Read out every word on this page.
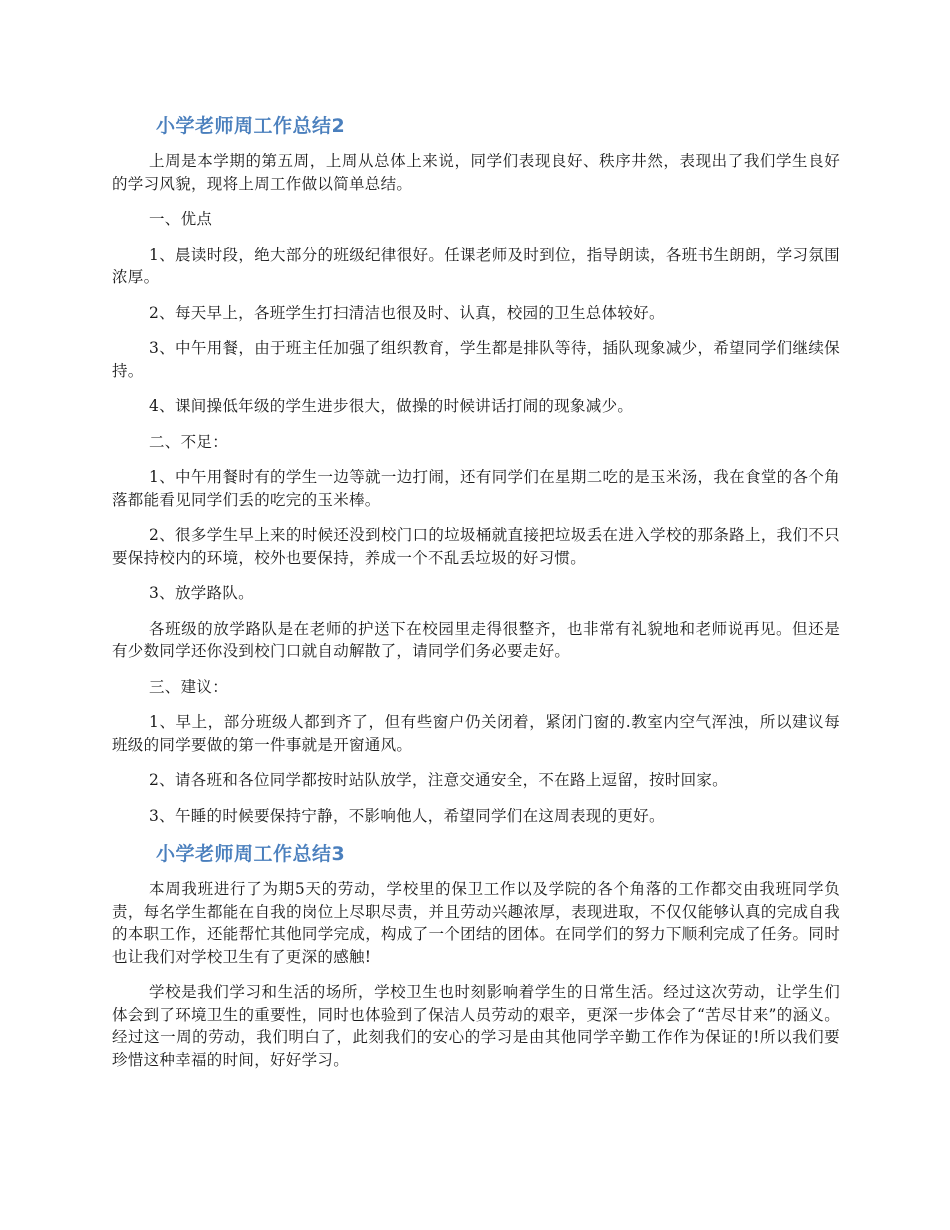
小学老师周工作总结2

上周是本学期的第五周，上周从总体上来说，同学们表现良好、秩序井然，表现出了我们学生良好的学习风貌，现将上周工作做以简单总结。

一、优点

1、晨读时段，绝大部分的班级纪律很好。任课老师及时到位，指导朗读，各班书生朗朗，学习氛围浓厚。

2、每天早上，各班学生打扫清洁也很及时、认真，校园的卫生总体较好。

3、中午用餐，由于班主任加强了组织教育，学生都是排队等待，插队现象减少，希望同学们继续保持。

4、课间操低年级的学生进步很大，做操的时候讲话打闹的现象减少。

二、不足：

1、中午用餐时有的学生一边等就一边打闹，还有同学们在星期二吃的是玉米汤，我在食堂的各个角落都能看见同学们丢的吃完的玉米棒。

2、很多学生早上来的时候还没到校门口的垃圾桶就直接把垃圾丢在进入学校的那条路上，我们不只要保持校内的环境，校外也要保持，养成一个不乱丢垃圾的好习惯。

3、放学路队。

各班级的放学路队是在老师的护送下在校园里走得很整齐，也非常有礼貌地和老师说再见。但还是有少数同学还你没到校门口就自动解散了，请同学们务必要走好。

三、建议：

1、早上，部分班级人都到齐了，但有些窗户仍关闭着，紧闭门窗的.教室内空气浑浊，所以建议每班级的同学要做的第一件事就是开窗通风。

2、请各班和各位同学都按时站队放学，注意交通安全，不在路上逗留，按时回家。

3、午睡的时候要保持宁静，不影响他人，希望同学们在这周表现的更好。

小学老师周工作总结3

本周我班进行了为期5天的劳动，学校里的保卫工作以及学院的各个角落的工作都交由我班同学负责，每名学生都能在自我的岗位上尽职尽责，并且劳动兴趣浓厚，表现进取，不仅仅能够认真的完成自我的本职工作，还能帮忙其他同学完成，构成了一个团结的团体。在同学们的努力下顺利完成了任务。同时也让我们对学校卫生有了更深的感触!

学校是我们学习和生活的场所，学校卫生也时刻影响着学生的日常生活。经过这次劳动，让学生们体会到了环境卫生的重要性，同时也体验到了保洁人员劳动的艰辛，更深一步体会了“苦尽甘来”的涵义。经过这一周的劳动，我们明白了，此刻我们的安心的学习是由其他同学辛勤工作作为保证的!所以我们要珍惜这种幸福的时间，好好学习。
